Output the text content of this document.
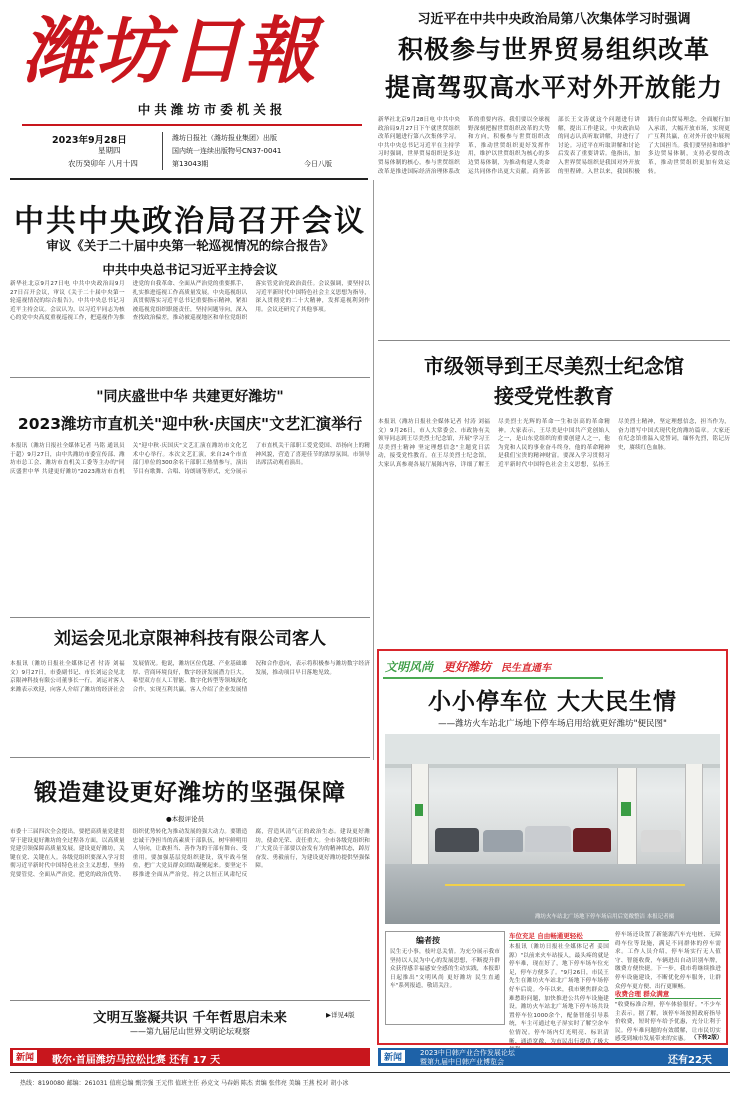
潍坊日報
中共潍坊市委机关报
2023年9月28日
星期四
农历癸卯年 八月十四
潍坊日报社（潍坊报业集团）出版
国内统一连续出版物号CN37-0041
第13043期	今日八版
习近平在中共中央政治局第八次集体学习时强调
积极参与世界贸易组织改革
提高驾驭高水平对外开放能力
新华社北京9月28日电 中共中央政治局9月27日下午就世贸组织改革问题进行第八次集体学习。中共中央总书记习近平在主持学习时强调，世界贸易组织是多边贸易体制的核心，参与世贸组织改革是推进国际经济治理体系改革的重要内容。我们要以全球视野深刻把握世贸组织改革的大势和方向，积极参与世贸组织改革，推动世贸组织更好发挥作用，维护以世贸组织为核心的多边贸易体制，为推动构建人类命运共同体作出更大贡献。商务部部长王文涛就这个问题进行讲解，提出工作建议。中央政治局的同志认真听取讲解，并进行了讨论。习近平在听取讲解和讨论后发表了重要讲话。他指出，加入世界贸易组织是我国对外开放的里程碑。入世以来，我国积极践行自由贸易理念，全面履行加入承诺，大幅开放市场，实现更广互利共赢，在对外开放中展现了大国担当。我们要坚持和维护多边贸易体制，支持必要的改革，推动世贸组织更加有效运转。
中共中央政治局召开会议
审议《关于二十届中央第一轮巡视情况的综合报告》
中共中央总书记习近平主持会议
新华社北京9月27日电 中共中央政治局9月27日召开会议，审议《关于二十届中央第一轮巡视情况的综合报告》。中共中央总书记习近平主持会议。会议认为，以习近平同志为核心的党中央高度重视巡视工作，把巡视作为推进党的自我革命、全面从严治党的重要抓手，扎实推进巡视工作高质量发展。中央巡视组认真贯彻落实习近平总书记重要指示精神，紧扣被巡视党组织职能责任，坚持问题导向，深入查找政治偏差，推动被巡视地区和单位党组织落实管党治党政治责任。会议强调，要坚持以习近平新时代中国特色社会主义思想为指导，深入贯彻党的二十大精神，发挥巡视利剑作用。会议还研究了其他事项。
"同庆盛世中华 共建更好潍坊"
2023潍坊市直机关"迎中秋·庆国庆"文艺汇演举行
本报讯（潍坊日报社全媒体记者 马铭 通讯员 于超）9月27日，由中共潍坊市委宣传部、潍坊市总工会、潍坊市直机关工委等主办的"同庆盛世中华 共建更好潍坊"2023潍坊市直机关"迎中秋·庆国庆"文艺汇演在潍坊市文化艺术中心举行。本次文艺汇演，来自24个市直部门单位的300余名干部职工热情参与，演出节目有歌舞、合唱、诗朗诵等形式，充分展示了市直机关干部职工爱党爱国、昂扬向上的精神风貌，营造了喜迎佳节的浓厚氛围。市领导出席活动观看演出。
刘运会见北京限神科技有限公司客人
本报讯（潍坊日报社全媒体记者 付涛 刘福文）9月27日，市委副书记、市长刘运会见北京限神科技有限公司董事长一行。刘运对客人来潍表示欢迎，向客人介绍了潍坊的经济社会发展情况。他说，潍坊区位优越、产业基础雄厚、营商环境良好，数字经济发展潜力巨大。希望双方在人工智能、数字化转型等领域深化合作，实现互利共赢。客人介绍了企业发展情况和合作意向，表示将积极参与潍坊数字经济发展，推动项目早日落地见效。
市级领导到王尽美烈士纪念馆
接受党性教育
本报讯（潍坊日报社全媒体记者 付涛 刘福文）9月26日，市人大常委会、市政协有关领导同志到王尽美烈士纪念馆，开展"学习王尽美烈士精神 坚定理想信念"主题党日活动，接受党性教育。在王尽美烈士纪念馆，大家认真参观各展厅展陈内容，详细了解王尽美烈士光辉的革命一生和崇高的革命精神。大家表示，王尽美是中国共产党创始人之一，是山东党组织的重要创建人之一，他为党和人民的事业奋斗终身，他的革命精神是我们宝贵的精神财富。要深入学习贯彻习近平新时代中国特色社会主义思想，弘扬王尽美烈士精神，坚定理想信念，担当作为，奋力谱写中国式现代化的潍坊篇章。大家还在纪念馆重温入党誓词，缅怀先烈，铭记历史，赓续红色血脉。
锻造建设更好潍坊的坚强保障
●本报评论员
市委十三届四次全会提出，要把高质量党建贯穿于建设更好潍坊的全过程各方面，以高质量党建引领保障高质量发展。建设更好潍坊，关键在党、关键在人。各级党组织要深入学习贯彻习近平新时代中国特色社会主义思想，坚持党要管党、全面从严治党，把党的政治优势、组织优势转化为推动发展的强大动力。要锻造忠诚干净担当的高素质干部队伍，树牢鲜明用人导向，让敢担当、善作为的干部有舞台、受重用。要加强基层党组织建设，筑牢战斗堡垒，把广大党员群众团结凝聚起来。要坚定不移推进全面从严治党，持之以恒正风肃纪反腐，营造风清气正的政治生态。建设更好潍坊，使命光荣、责任重大。全市各级党组织和广大党员干部要以奋发有为的精神状态，踔厉奋发、勇毅前行，为建设更好潍坊提供坚强保障。
文明互鉴凝共识 千年哲思启未来
——第九届尼山世界文明论坛观察
▶详见4版
文明风尚 更好潍坊 民生直通车
小小停车位 大大民生情
——潍坊火车站北广场地下停车场启用给就更好潍坊"便民图"
潍坊火车站北广场地下停车场启用后宽敞整洁 本报记者摄
编者按
民生无小事，枝叶总关情。为充分展示我市坚持以人民为中心的发展思想，不断提升群众获得感幸福感安全感的生动实践，本报即日起推出"文明风尚 更好潍坊 民生直通车"系列报道，敬请关注。
车位充足 自由畅通更轻松
本报讯（潍坊日报社全媒体记者 姜国源）"以前来火车站接人，最头疼的就是停车难，现在好了，地下停车场车位充足，停车方便多了。"9月26日，市民王先生在潍坊火车站北广场地下停车场停好车后说。今年以来，我市聚焦群众急难愁盼问题，加快推进公共停车设施建设。潍坊火车站北广场地下停车场共设置停车位1000余个，配备智能引导系统，车主可通过电子屏实时了解空余车位情况。停车场内灯光明亮、标识清晰、通道宽敞，为市民出行提供了极大
停车场还设置了新能源汽车充电桩、无障碍车位等设施，满足不同群体的停车需求。工作人员介绍，停车场实行无人值守、智能收费，车辆进出自动识别车牌，缴费方便快捷。下一步，我市将继续推进停车设施建设，不断优化停车服务，让群众停车更方便、出行更顺畅。
收费合理 群众满意
"收费标准合理，停车体验很好。"不少车主表示。据了解，该停车场按照政府指导价收费，短时停车给予优惠，充分让利于民。停车难问题的有效缓解，让市民切实感受到城市发展带来的实惠。 （下转2版）
新闻	歌尔·首届潍坊马拉松比赛 还有 17 天	新闻	2023中日韩产业合作发展论坛
暨第九届中日韩产业博览会	还有22天
热线：8190080 邮编：261031 值班总编 甄宗强 王元伟 值班主任 孙克文 马春娟 陈杰 责编 张伟亮 美编 王燕 校对 胡小冰
